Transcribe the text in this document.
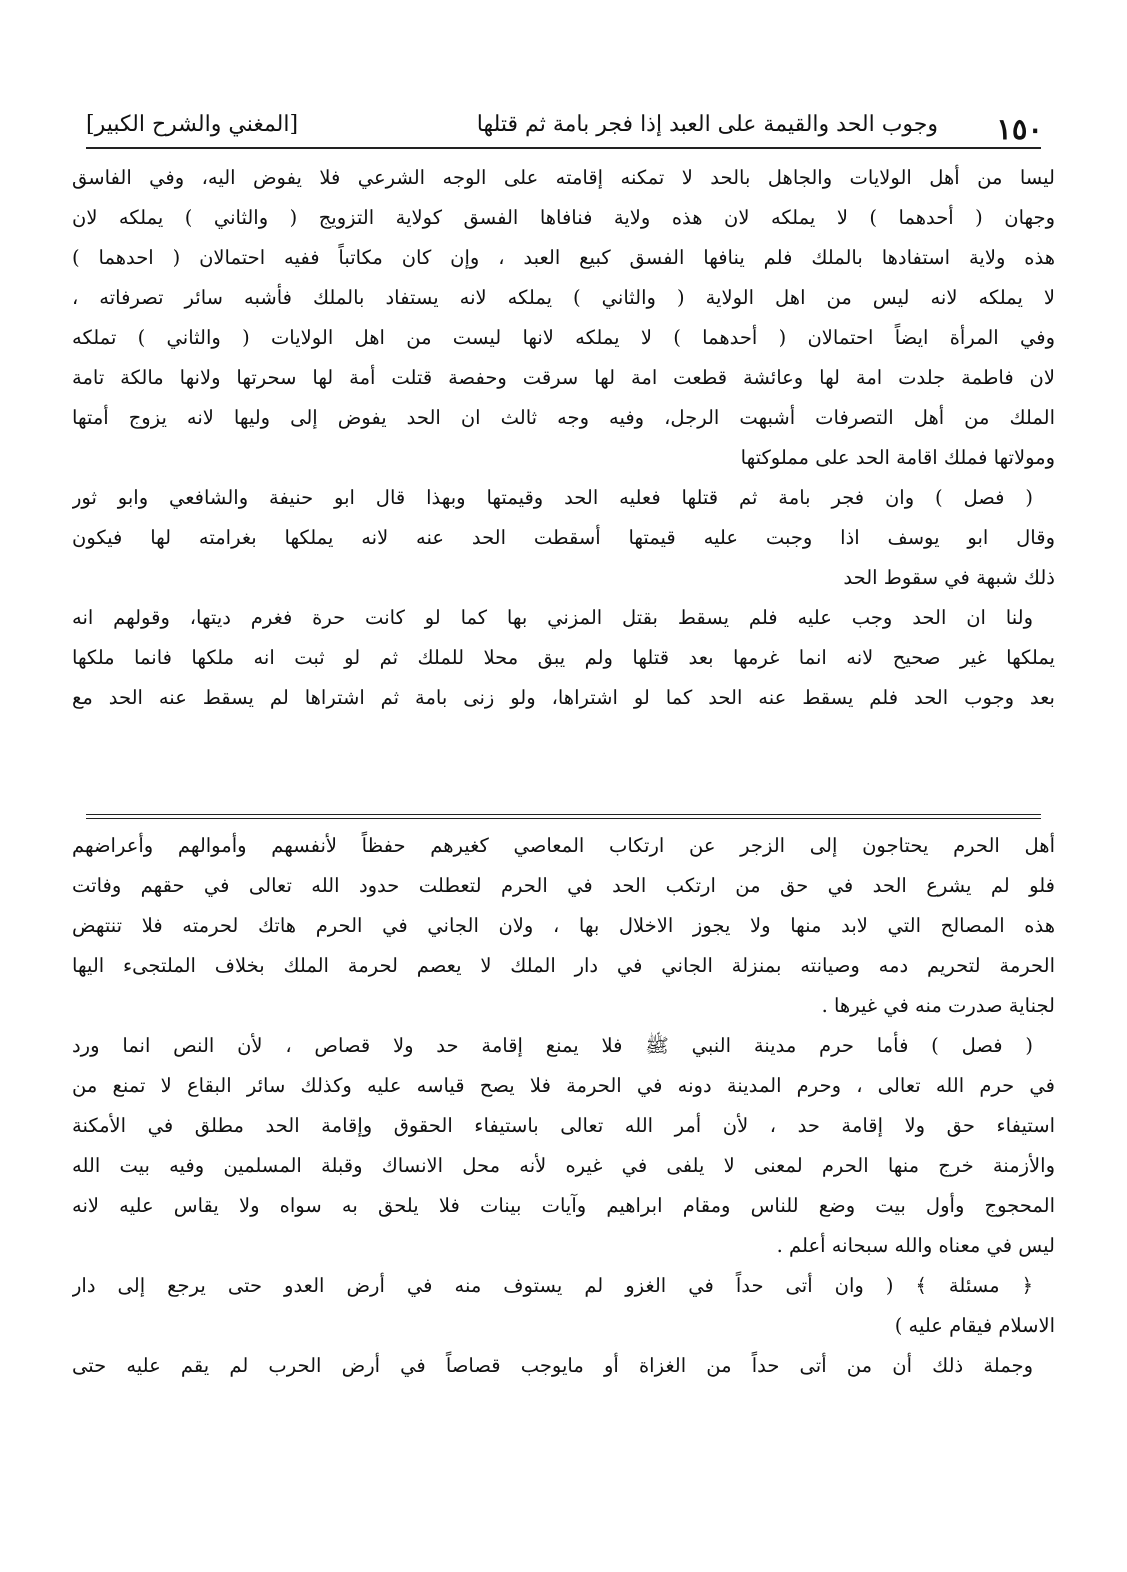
١٥٠
وجوب الحد والقيمة على العبد إذا فجر بامة ثم قتلها
[المغني والشرح الكبير]
ليسا من أهل الولايات والجاهل بالحد لا تمكنه إقامته على الوجه الشرعي فلا يفوض اليه، وفي الفاسق
وجهان ( أحدهما ) لا يملكه لان هذه ولاية فنافاها الفسق كولاية التزويج ( والثاني ) يملكه لان
هذه ولاية استفادها بالملك فلم ينافها الفسق كبيع العبد ، وإن كان مكاتباً ففيه احتمالان ( احدهما )
لا يملكه لانه ليس من اهل الولاية ( والثاني ) يملكه لانه يستفاد بالملك فأشبه سائر تصرفاته ،
وفي المرأة ايضاً احتمالان ( أحدهما ) لا يملكه لانها ليست من اهل الولايات ( والثاني ) تملكه
لان فاطمة جلدت امة لها وعائشة قطعت امة لها سرقت وحفصة قتلت أمة لها سحرتها ولانها مالكة تامة
الملك من أهل التصرفات أشبهت الرجل، وفيه وجه ثالث ان الحد يفوض إلى وليها لانه يزوج أمتها
ومولاتها فملك اقامة الحد على مملوكتها
( فصل ) وان فجر بامة ثم قتلها فعليه الحد وقيمتها وبهذا قال ابو حنيفة والشافعي وابو ثور
وقال ابو يوسف اذا وجبت عليه قيمتها أسقطت الحد عنه لانه يملكها بغرامته لها فيكون
ذلك شبهة في سقوط الحد
ولنا ان الحد وجب عليه فلم يسقط بقتل المزني بها كما لو كانت حرة فغرم ديتها، وقولهم انه
يملكها غير صحيح لانه انما غرمها بعد قتلها ولم يبق محلا للملك ثم لو ثبت انه ملكها فانما ملكها
بعد وجوب الحد فلم يسقط عنه الحد كما لو اشتراها، ولو زنى بامة ثم اشتراها لم يسقط عنه الحد مع
أهل الحرم يحتاجون إلى الزجر عن ارتكاب المعاصي كغيرهم حفظاً لأنفسهم وأموالهم وأعراضهم
فلو لم يشرع الحد في حق من ارتكب الحد في الحرم لتعطلت حدود الله تعالى في حقهم وفاتت
هذه المصالح التي لابد منها ولا يجوز الاخلال بها ، ولان الجاني في الحرم هاتك لحرمته فلا تنتهض
الحرمة لتحريم دمه وصيانته بمنزلة الجاني في دار الملك لا يعصم لحرمة الملك بخلاف الملتجىء اليها
لجناية صدرت منه في غيرها .
( فصل ) فأما حرم مدينة النبي ﷺ فلا يمنع إقامة حد ولا قصاص ، لأن النص انما ورد
في حرم الله تعالى ، وحرم المدينة دونه في الحرمة فلا يصح قياسه عليه وكذلك سائر البقاع لا تمنع من
استيفاء حق ولا إقامة حد ، لأن أمر الله تعالى باستيفاء الحقوق وإقامة الحد مطلق في الأمكنة
والأزمنة خرج منها الحرم لمعنى لا يلفى في غيره لأنه محل الانساك وقبلة المسلمين وفيه بيت الله
المحجوج وأول بيت وضع للناس ومقام ابراهيم وآيات بينات فلا يلحق به سواه ولا يقاس عليه لانه
ليس في معناه والله سبحانه أعلم .
﴿ مسئلة ﴾ ( وان أتى حداً في الغزو لم يستوف منه في أرض العدو حتى يرجع إلى دار
الاسلام فيقام عليه )
وجملة ذلك أن من أتى حداً من الغزاة أو مايوجب قصاصاً في أرض الحرب لم يقم عليه حتى
